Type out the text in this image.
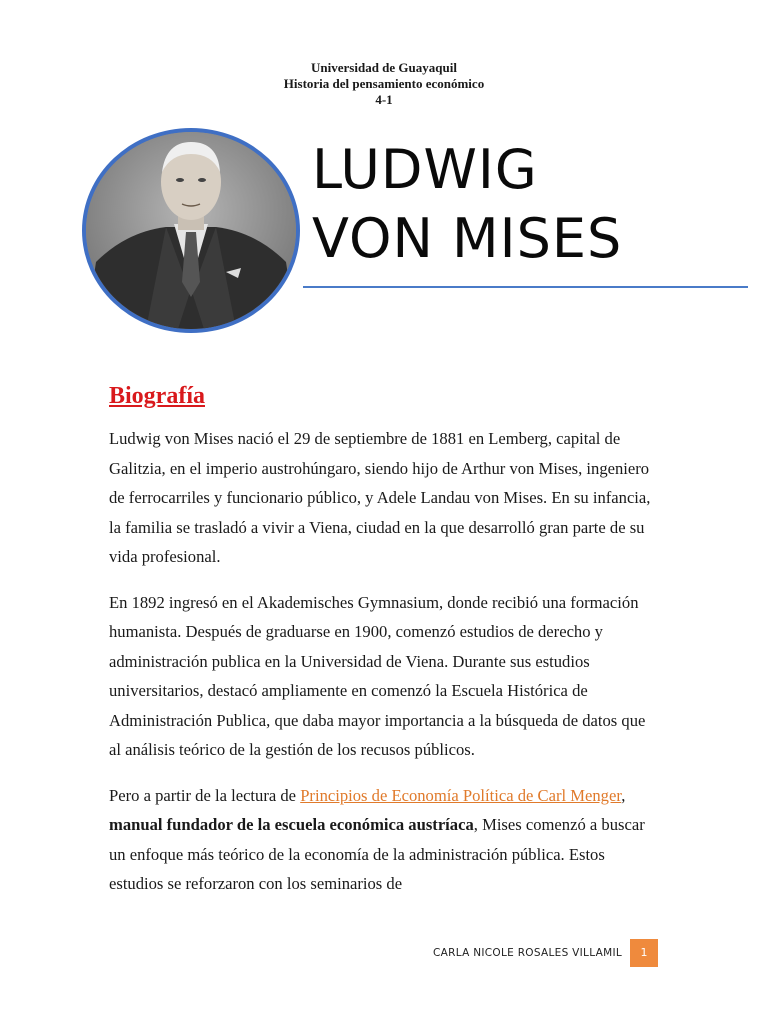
Universidad de Guayaquil
Historia del pensamiento económico
4-1
LUDWIG
VON MISES
Biografía

Ludwig von Mises nació el 29 de septiembre de 1881 en Lemberg, capital de Galitzia, en el imperio austrohúngaro, siendo hijo de Arthur von Mises, ingeniero de ferrocarriles y funcionario público, y Adele Landau von Mises. En su infancia, la familia se trasladó a vivir a Viena, ciudad en la que desarrolló gran parte de su vida profesional.

En 1892 ingresó en el Akademisches Gymnasium, donde recibió una formación humanista. Después de graduarse en 1900, comenzó estudios de derecho y administración publica en la Universidad de Viena. Durante sus estudios universitarios, destacó ampliamente en comenzó la Escuela Histórica de Administración Publica, que daba mayor importancia a la búsqueda de datos que al análisis teórico de la gestión de los recusos públicos.

Pero a partir de la lectura de Principios de Economía Política de Carl Menger, manual fundador de la escuela económica austríaca, Mises comenzó a buscar un enfoque más teórico de la economía de la administración pública. Estos estudios se reforzaron con los seminarios de

CARLA NICOLE ROSALES VILLAMIL	1
